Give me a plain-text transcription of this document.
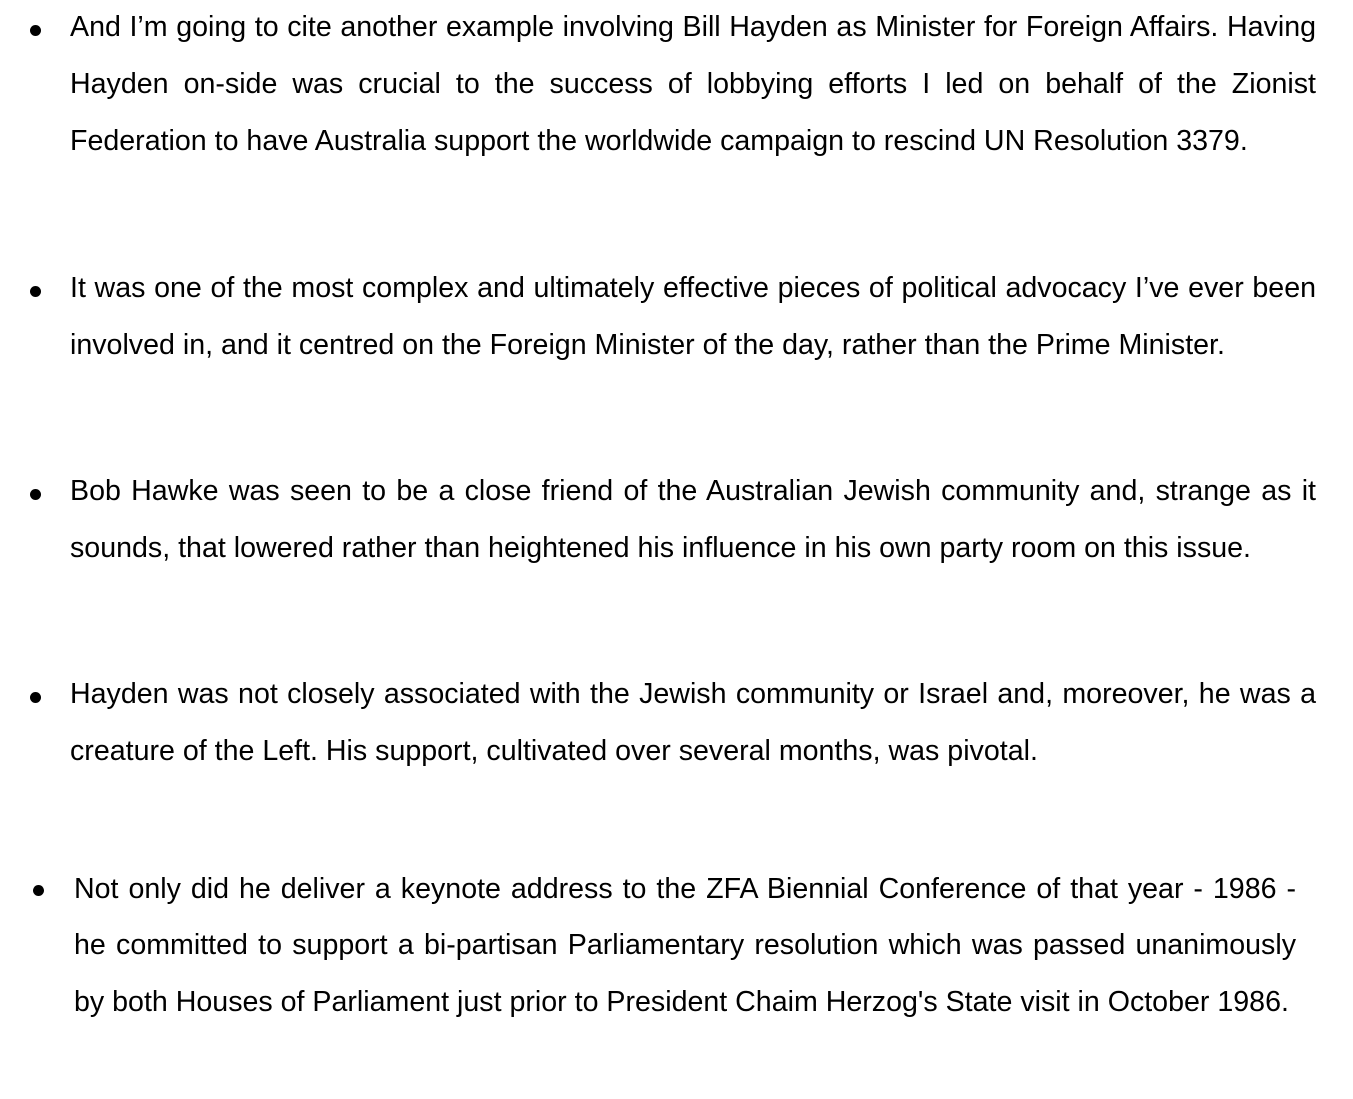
And I’m going to cite another example involving Bill Hayden as Minister for Foreign Affairs. Having Hayden on-side was crucial to the success of lobbying efforts I led on behalf of the Zionist Federation to have Australia support the worldwide campaign to rescind UN Resolution 3379.

It was one of the most complex and ultimately effective pieces of political advocacy I’ve ever been involved in, and it centred on the Foreign Minister of the day, rather than the Prime Minister.

Bob Hawke was seen to be a close friend of the Australian Jewish community and, strange as it sounds, that lowered rather than heightened his influence in his own party room on this issue.

Hayden was not closely associated with the Jewish community or Israel and, moreover, he was a creature of the Left. His support, cultivated over several months, was pivotal.

Not only did he deliver a keynote address to the ZFA Biennial Conference of that year - 1986 - he committed to support a bi-partisan Parliamentary resolution which was passed unanimously by both Houses of Parliament just prior to President Chaim Herzog's State visit in October 1986.
